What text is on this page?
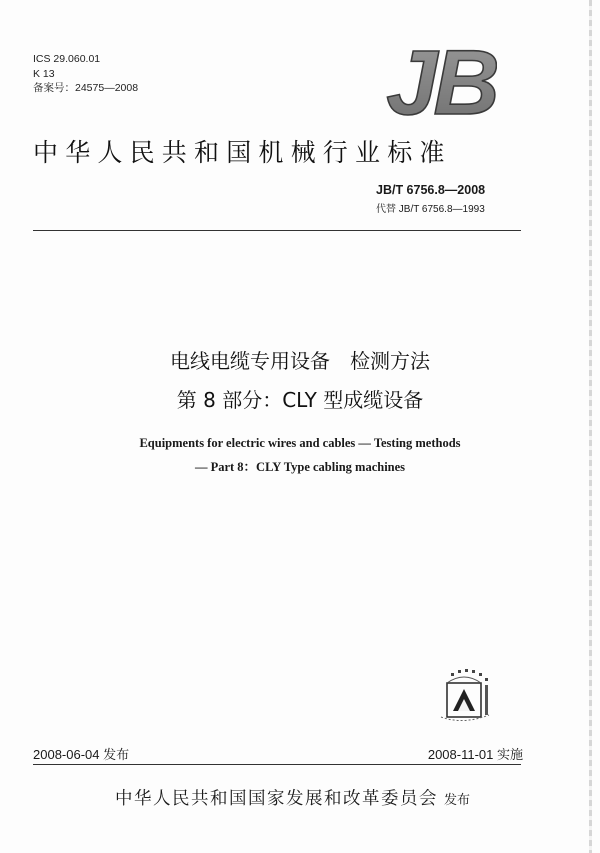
ICS 29.060.01
K 13
备案号：24575—2008	JB
中华人民共和国机械行业标准
JB/T 6756.8—2008
代替 JB/T 6756.8—1993
电线电缆专用设备　检测方法
第 8 部分：CLY 型成缆设备
Equipments for electric wires and cables — Testing methods
— Part 8：CLY Type cabling machines
2008-06-04 发布	2008-11-01 实施
中华人民共和国国家发展和改革委员会 发布
